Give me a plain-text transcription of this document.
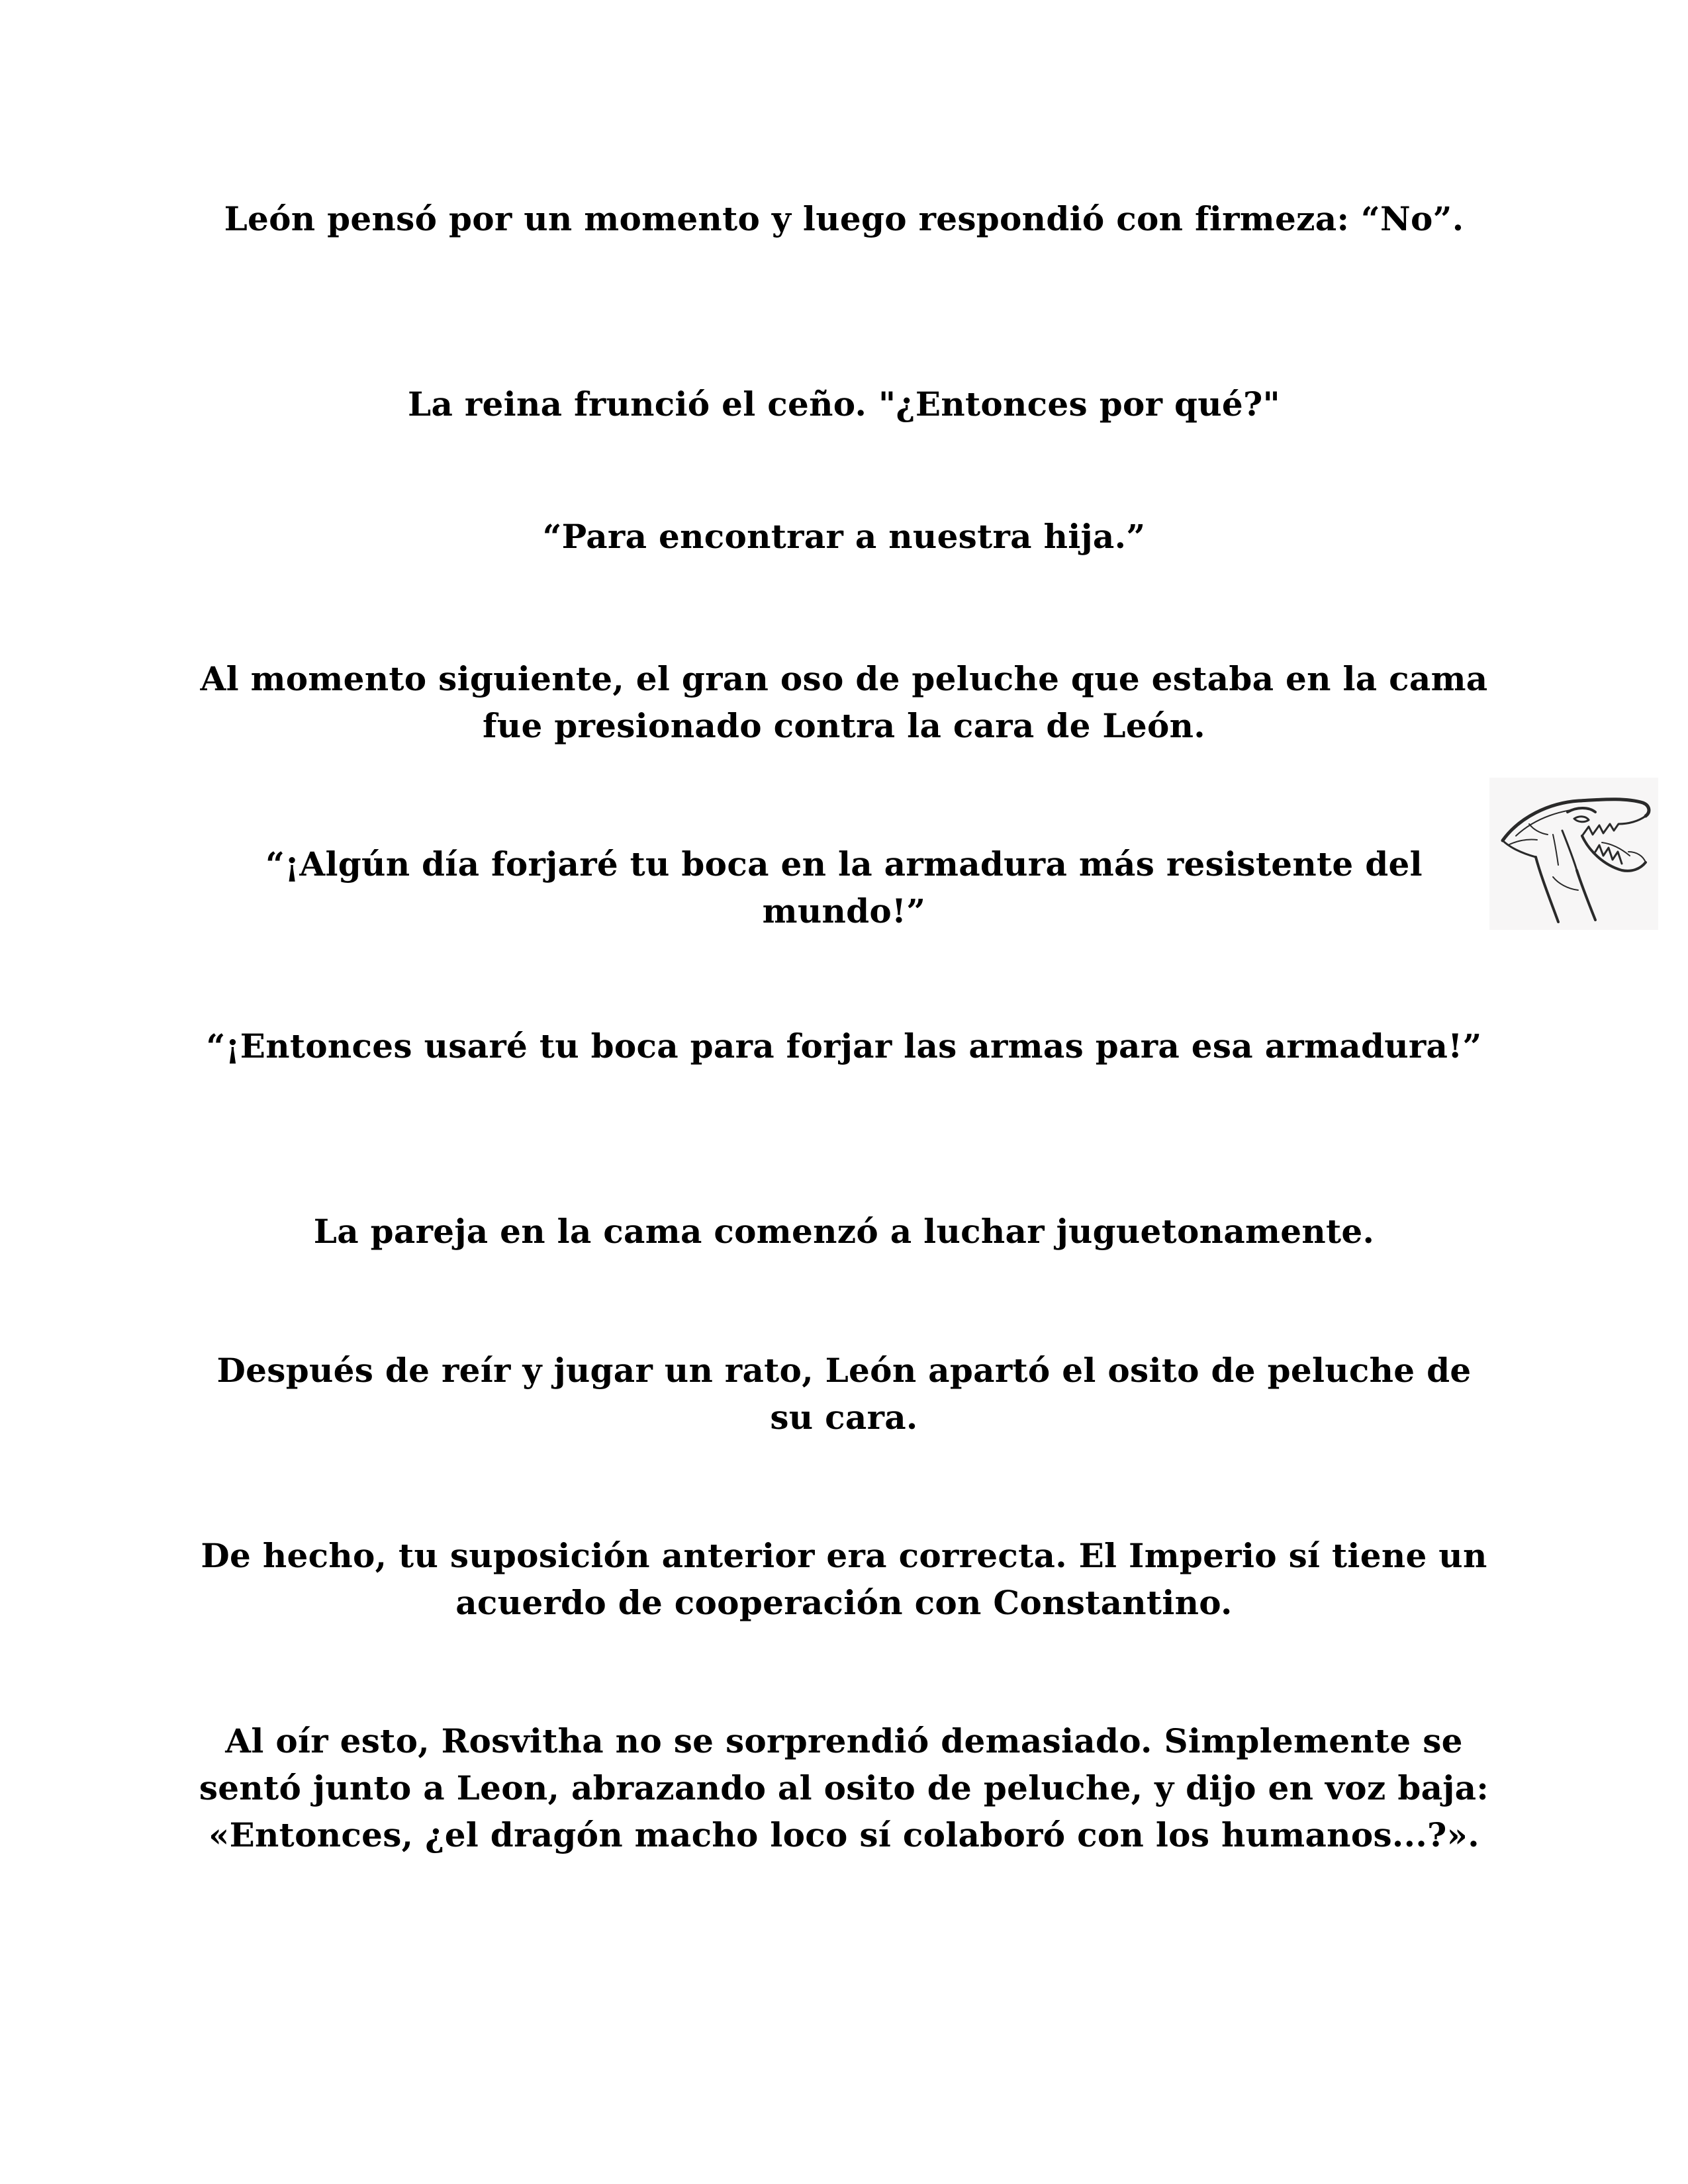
León pensó por un momento y luego respondió con firmeza: “No”.

La reina frunció el ceño. "¿Entonces por qué?"

“Para encontrar a nuestra hija.”

Al momento siguiente, el gran oso de peluche que estaba en la cama fue presionado contra la cara de León.

“¡Algún día forjaré tu boca en la armadura más resistente del mundo!”

“¡Entonces usaré tu boca para forjar las armas para esa armadura!”

La pareja en la cama comenzó a luchar juguetonamente.

Después de reír y jugar un rato, León apartó el osito de peluche de su cara.

De hecho, tu suposición anterior era correcta. El Imperio sí tiene un acuerdo de cooperación con Constantino.

Al oír esto, Rosvitha no se sorprendió demasiado. Simplemente se sentó junto a Leon, abrazando al osito de peluche, y dijo en voz baja: «Entonces, ¿el dragón macho loco sí colaboró con los humanos...?».
